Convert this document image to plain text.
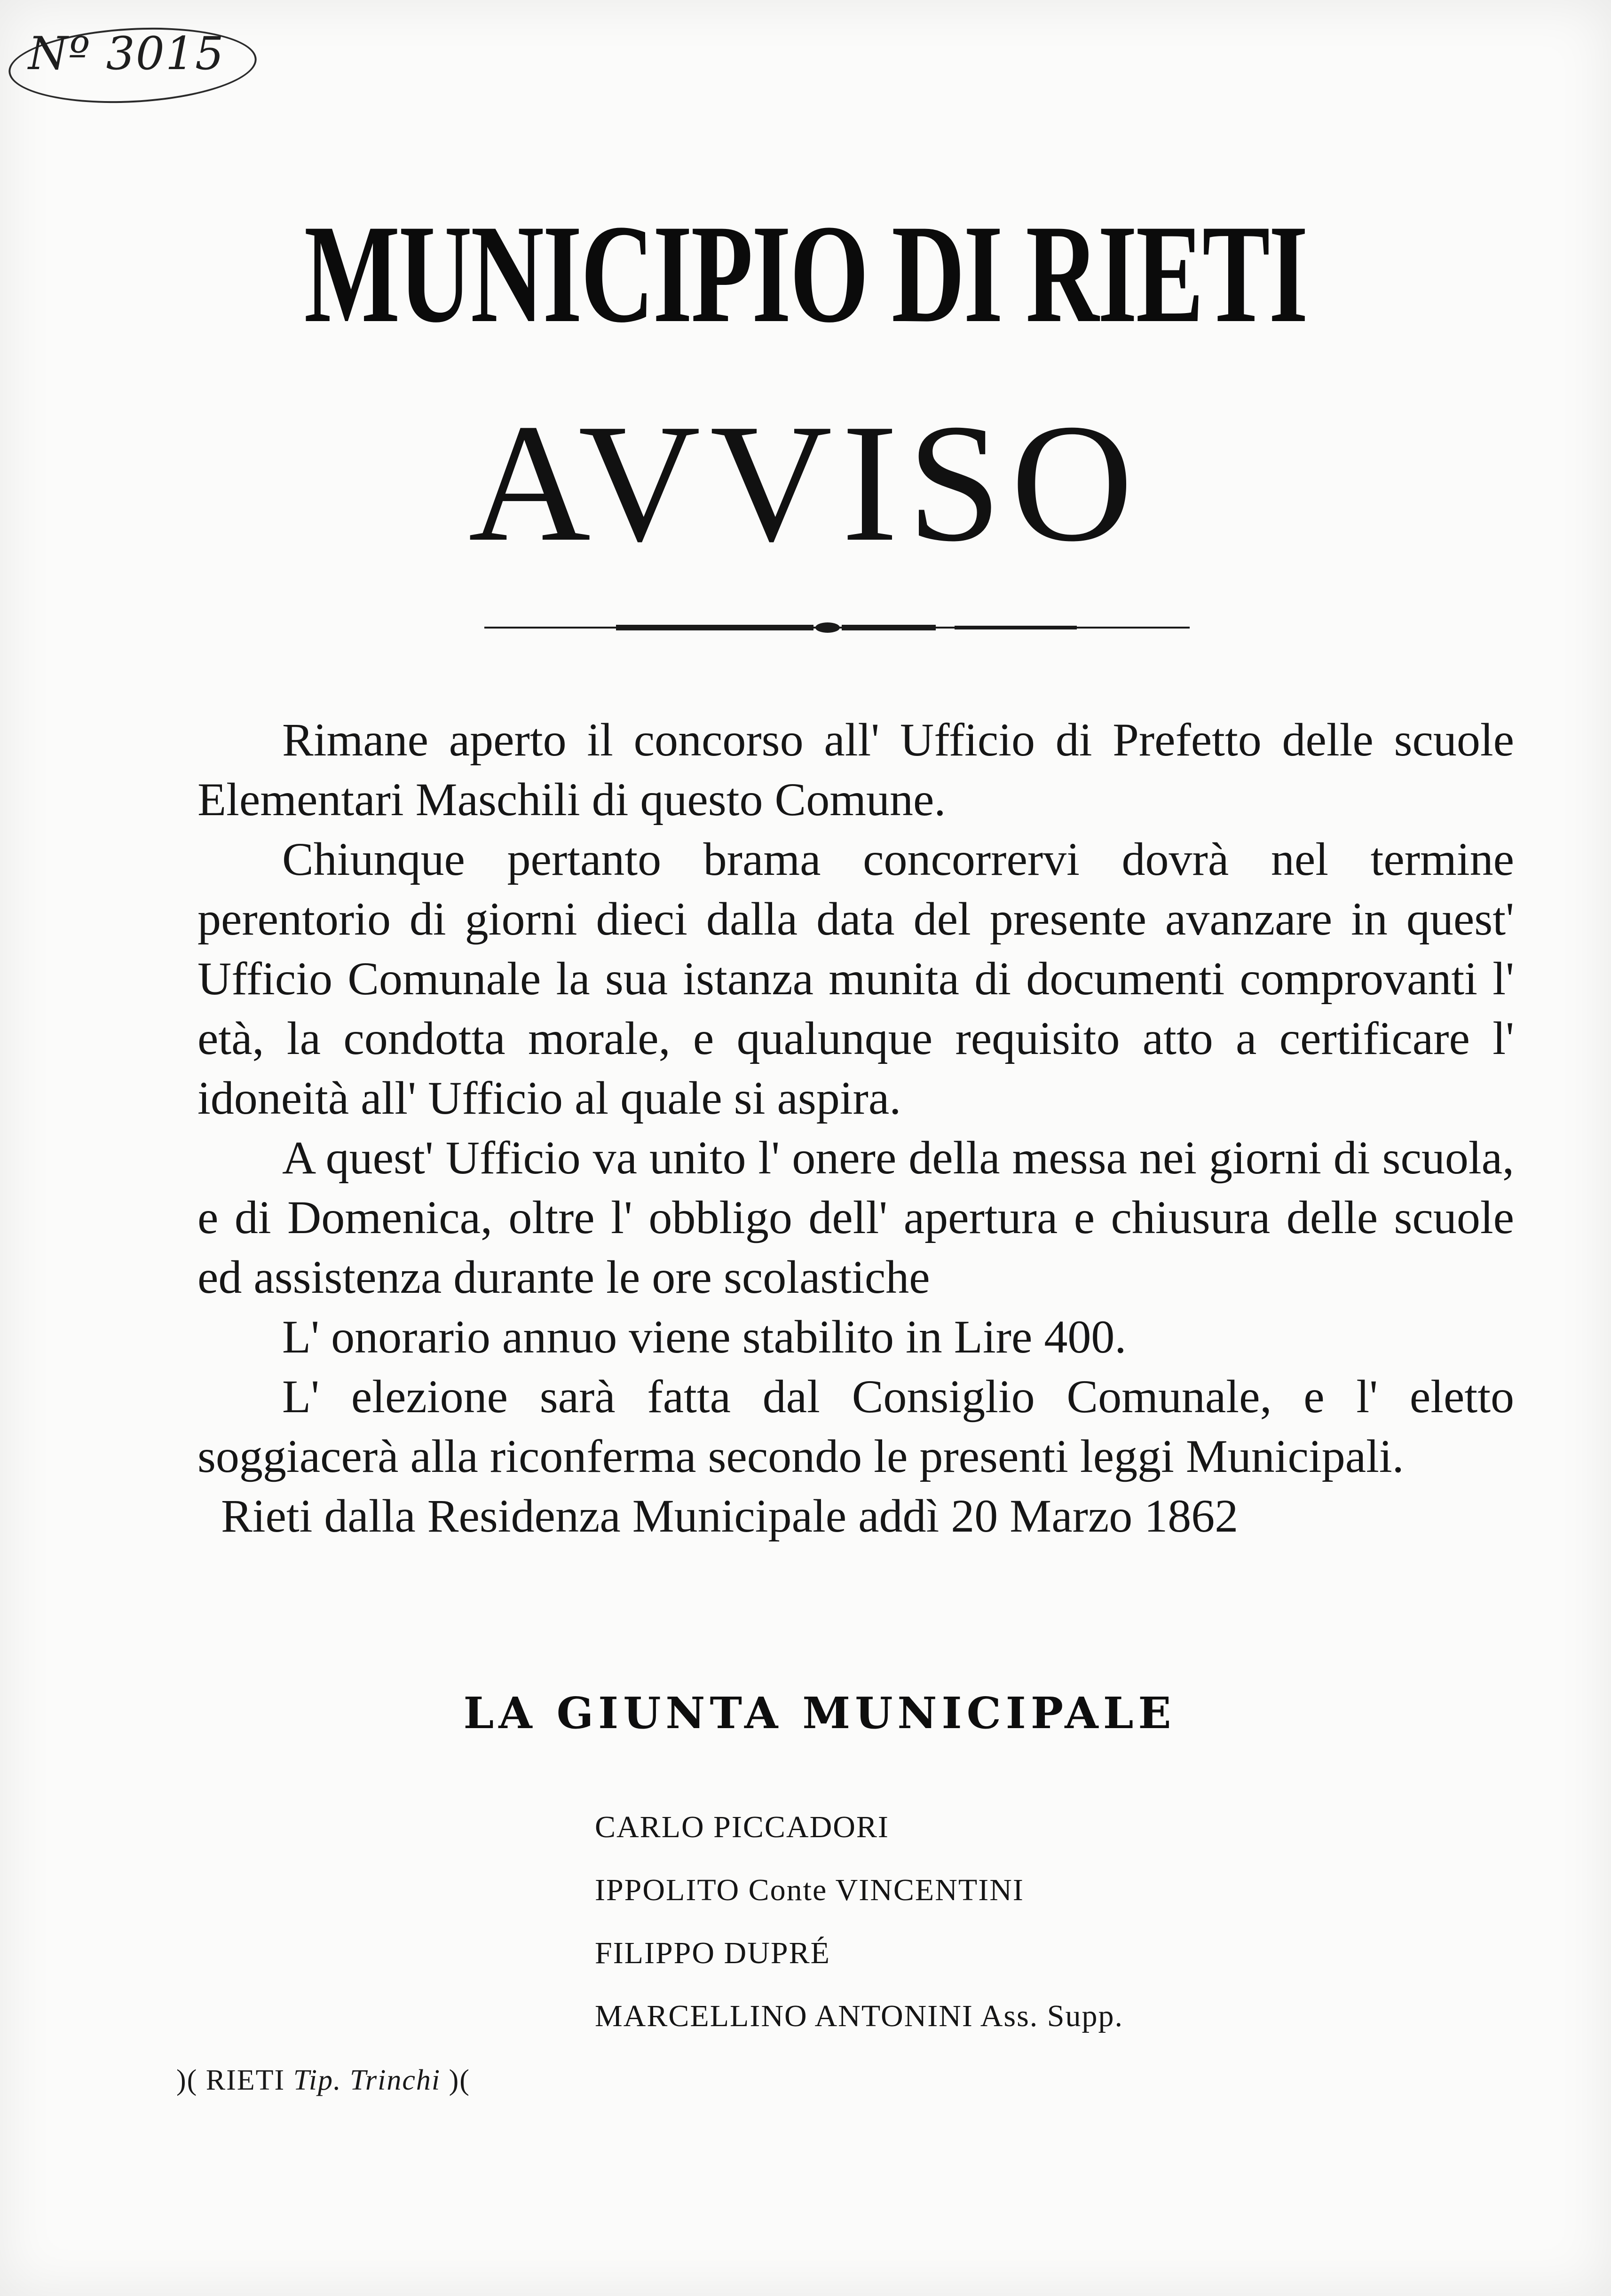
Nº 3015
MUNICIPIO DI RIETI
AVVISO

Rimane aperto il concorso all' Ufficio di Prefetto delle scuole Elementari Maschili di questo Comune.

Chiunque pertanto brama concorrervi dovrà nel termine perentorio di giorni dieci dalla data del presente avanzare in quest' Ufficio Comunale la sua istanza munita di documenti comprovanti l' età, la condotta morale, e qualunque requisito atto a certificare l' idoneità all' Ufficio al quale si aspira.

A quest' Ufficio va unito l' onere della messa nei giorni di scuola, e di Domenica, oltre l' obbligo dell' apertura e chiusura delle scuole ed assistenza durante le ore scolastiche

L' onorario annuo viene stabilito in Lire 400.

L' elezione sarà fatta dal Consiglio Comunale, e l' eletto soggiacerà alla riconferma secondo le presenti leggi Municipali.

Rieti dalla Residenza Municipale addì 20 Marzo 1862

LA GIUNTA MUNICIPALE
CARLO PICCADORI
IPPOLITO Conte VINCENTINI
FILIPPO DUPRÉ
MARCELLINO ANTONINI Ass. Supp.
)( RIETI Tip. Trinchi )(
